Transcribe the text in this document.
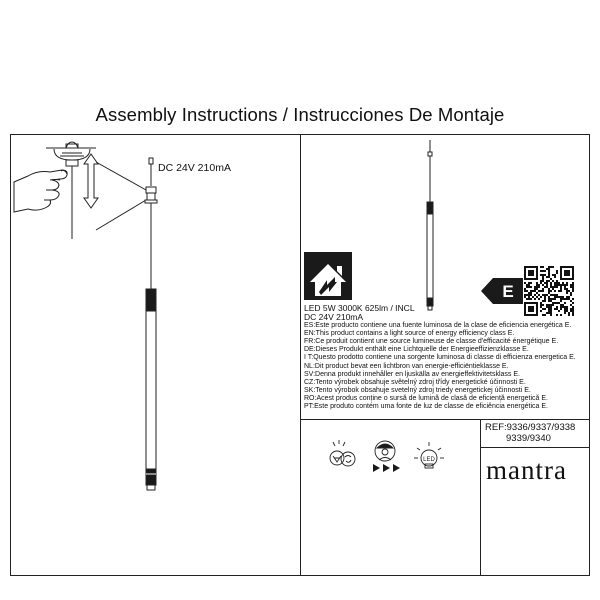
Assembly Instructions / Instrucciones De Montaje
DC 24V 210mA
E
LED 5W 3000K 625lm / INCL
DC 24V 210mA
ES:Este producto contiene una fuente luminosa de la clase de eficiencia energética E.
EN:This product contains a light source of energy efficiency class E.
FR:Ce produit contient une source lumineuse de classe d'efficacité énergétique E.
DE:Dieses Produkt enthält eine Lichtquelle der Energieeffizienzklasse E.
I T:Questo prodotto contiene una sorgente luminosa di classe di efficienza energetica E.
NL:Dit product bevat een lichtbron van energie-efficiëntieklasse E.
SV:Denna produkt innehåller en ljuskälla av energieffektivitetsklass E.
CZ:Tento výrobek obsahuje světelný zdroj třídy energetické účinnosti E.
SK:Tento výrobok obsahuje svetelný zdroj triedy energetickej účinnosti E.
RO:Acest produs conține o sursă de lumină de clasă de eficiență energetică E.
PT:Este produto contém uma fonte de luz de classe de eficiência energética E.
LED
REF:9336/9337/9338
9339/9340
mantra
